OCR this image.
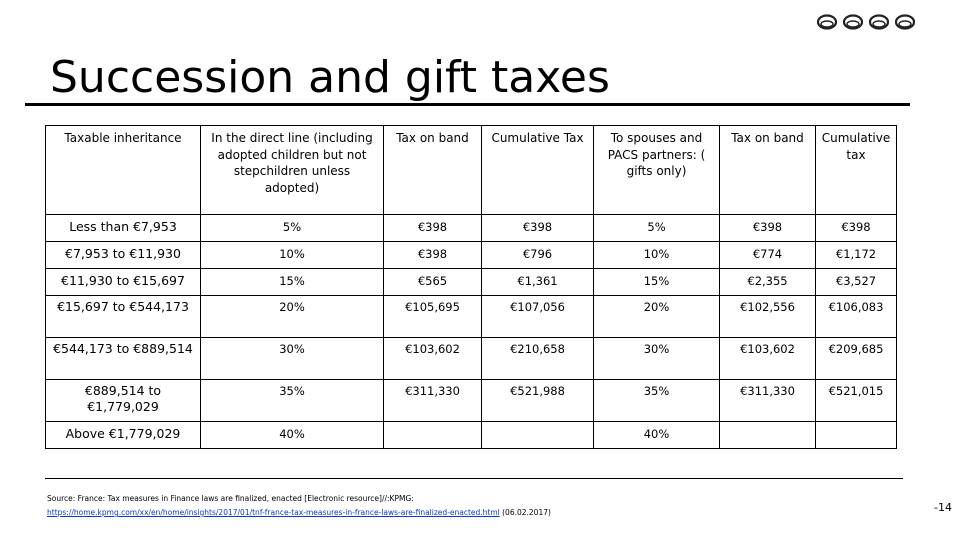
Succession and gift taxes
Taxable inheritance	In the direct line (including adopted children but not stepchildren unless adopted)	Tax on band	Cumulative Tax	To spouses and PACS partners: ( gifts only)	Tax on band	Cumulative tax
Less than €7,953	5%	€398	€398	5%	€398	€398
€7,953 to €11,930	10%	€398	€796	10%	€774	€1,172
€11,930 to €15,697	15%	€565	€1,361	15%	€2,355	€3,527
€15,697 to €544,173	20%	€105,695	€107,056	20%	€102,556	€106,083
€544,173 to €889,514	30%	€103,602	€210,658	30%	€103,602	€209,685
€889,514 to €1,779,029	35%	€311,330	€521,988	35%	€311,330	€521,015
Above €1,779,029	40%			40%		
Source: France: Tax measures in Finance laws are finalized, enacted [Electronic resource]//:KPMG:
https://home.kpmg.com/xx/en/home/insights/2017/01/tnf-france-tax-measures-in-france-laws-are-finalized-enacted.html (06.02.2017)	-14
